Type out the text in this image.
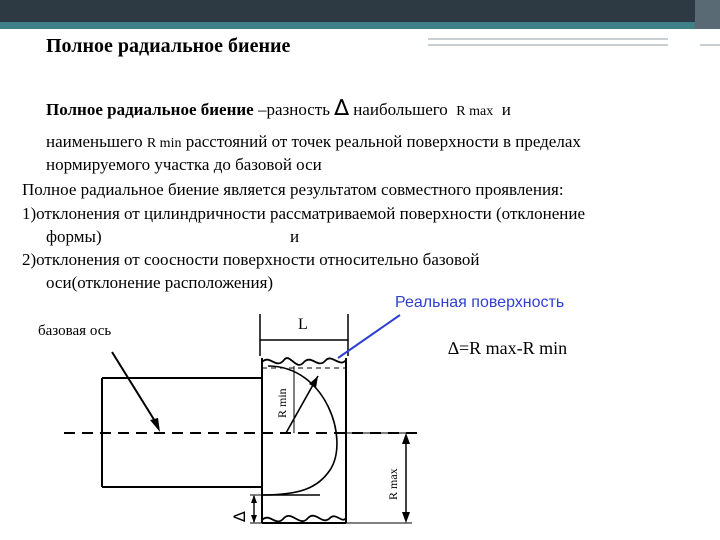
Полное радиальное биение
Полное радиальное биение –разность ∆ наибольшего R max и
наименьшего R min расстояний от точек реальной поверхности в пределах
нормируемого участка до базовой оси
Полное радиальное биение является результатом совместного проявления:
1)отклонения от цилиндричности рассматриваемой поверхности (отклонение
формы)	и
2)отклонения от соосности поверхности относительно базовой
оси(отклонение расположения)
Реальная поверхность
базовая ось	L
∆=R max-R min
R min
R max
∆
